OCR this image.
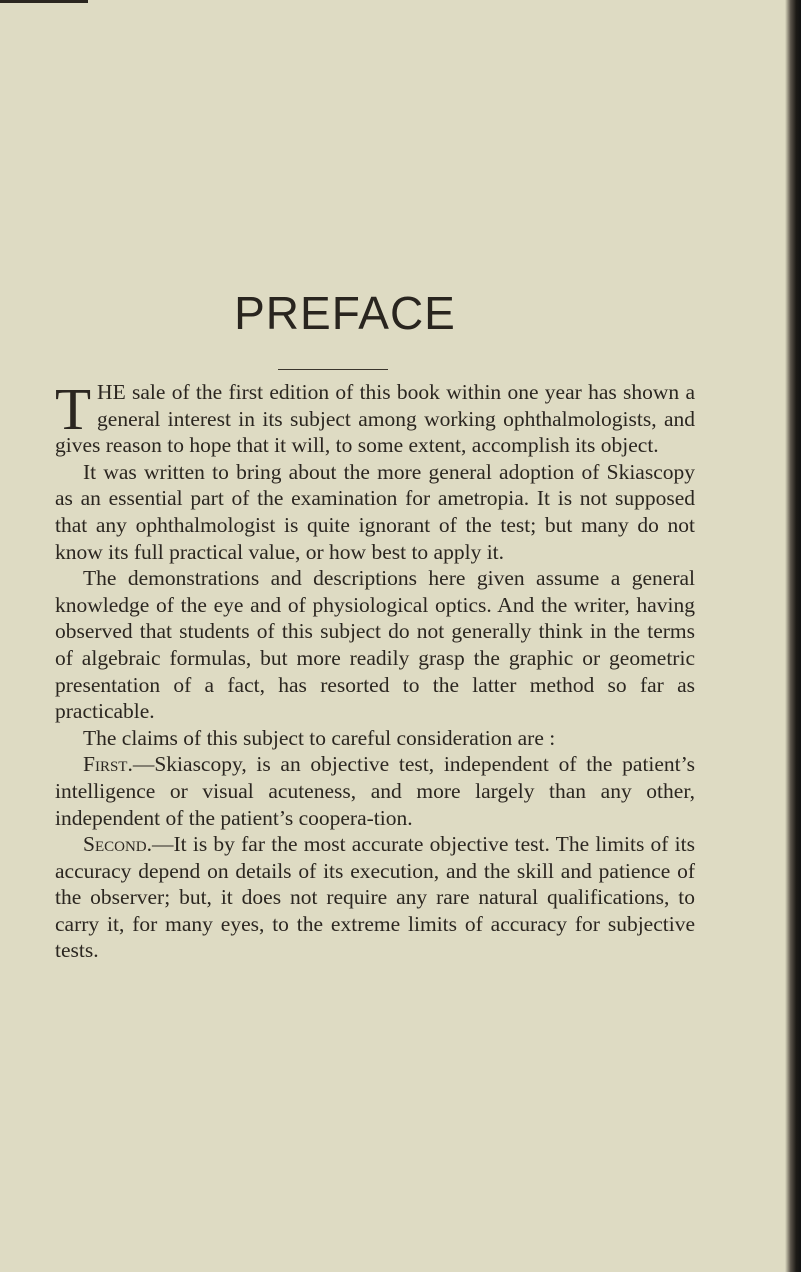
PREFACE

THE sale of the first edition of this book within one year has shown a general interest in its subject among working ophthalmologists, and gives reason to hope that it will, to some extent, accomplish its object.

It was written to bring about the more general adoption of Skiascopy as an essential part of the examination for ametropia. It is not supposed that any ophthalmologist is quite ignorant of the test; but many do not know its full practical value, or how best to apply it.

The demonstrations and descriptions here given assume a general knowledge of the eye and of physiological optics. And the writer, having observed that students of this subject do not generally think in the terms of algebraic formulas, but more readily grasp the graphic or geometric presentation of a fact, has resorted to the latter method so far as practicable.

The claims of this subject to careful consideration are :

First.—Skiascopy, is an objective test, independent of the patient’s intelligence or visual acuteness, and more largely than any other, independent of the patient’s coopera-tion.

Second.—It is by far the most accurate objective test. The limits of its accuracy depend on details of its execution, and the skill and patience of the observer; but, it does not require any rare natural qualifications, to carry it, for many eyes, to the extreme limits of accuracy for subjective tests.
